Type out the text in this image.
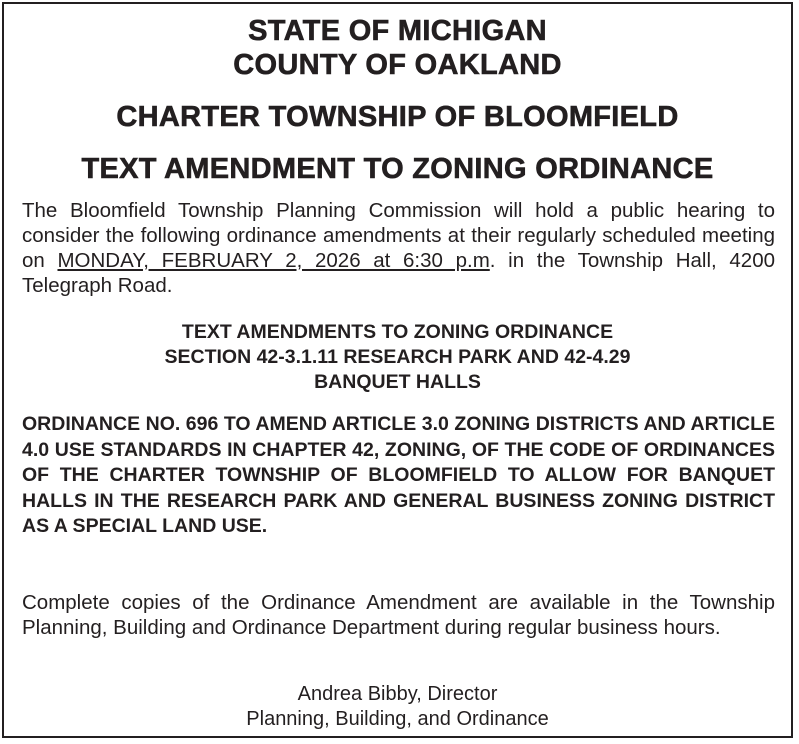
STATE OF MICHIGAN
COUNTY OF OAKLAND
CHARTER TOWNSHIP OF BLOOMFIELD
TEXT AMENDMENT TO ZONING ORDINANCE
The Bloomfield Township Planning Commission will hold a public hearing to consider the following ordinance amendments at their regularly scheduled meeting on MONDAY, FEBRUARY 2, 2026 at 6:30 p.m. in the Township Hall, 4200 Telegraph Road.
TEXT AMENDMENTS TO ZONING ORDINANCE
SECTION 42-3.1.11 RESEARCH PARK AND 42-4.29
BANQUET HALLS
ORDINANCE NO. 696 TO AMEND ARTICLE 3.0 ZONING DISTRICTS AND ARTICLE 4.0 USE STANDARDS IN CHAPTER 42, ZONING, OF THE CODE OF ORDINANCES OF THE CHARTER TOWNSHIP OF BLOOMFIELD TO ALLOW FOR BANQUET HALLS IN THE RESEARCH PARK AND GENERAL BUSINESS ZONING DISTRICT AS A SPECIAL LAND USE.
Complete copies of the Ordinance Amendment are available in the Township Planning, Building and Ordinance Department during regular business hours.
Andrea Bibby, Director
Planning, Building, and Ordinance
